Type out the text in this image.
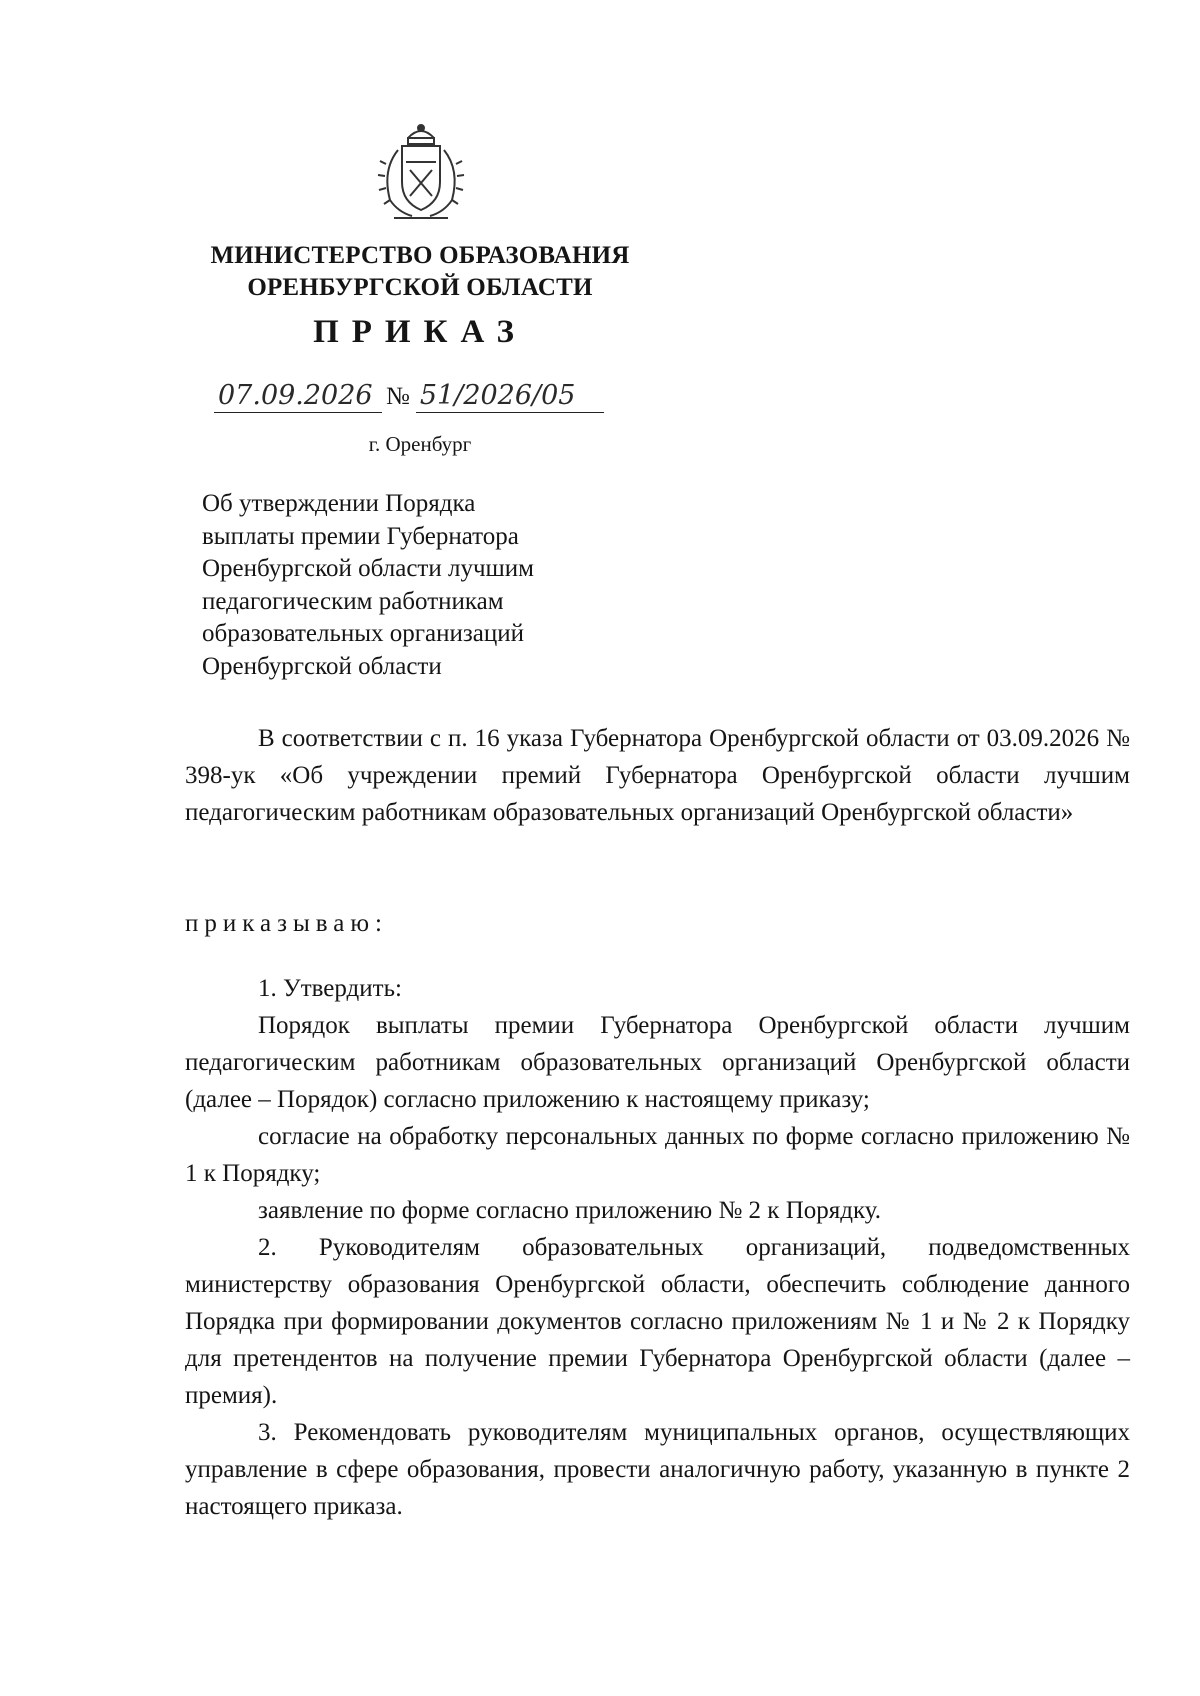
МИНИСТЕРСТВО ОБРАЗОВАНИЯ
ОРЕНБУРГСКОЙ ОБЛАСТИ
ПРИКАЗ
07.09.2026 № 51/2026/05
г. Оренбург
Об утверждении Порядка
выплаты премии Губернатора
Оренбургской области лучшим
педагогическим работникам
образовательных организаций
Оренбургской области

В соответствии с п. 16 указа Губернатора Оренбургской области от 03.09.2026 № 398-ук «Об учреждении премий Губернатора Оренбургской области лучшим педагогическим работникам образовательных организаций Оренбургской области»

приказываю:

1. Утвердить:

Порядок выплаты премии Губернатора Оренбургской области лучшим педагогическим работникам образовательных организаций Оренбургской области (далее – Порядок) согласно приложению к настоящему приказу;

согласие на обработку персональных данных по форме согласно приложению № 1 к Порядку;

заявление по форме согласно приложению № 2 к Порядку.

2. Руководителям образовательных организаций, подведомственных министерству образования Оренбургской области, обеспечить соблюдение данного Порядка при формировании документов согласно приложениям № 1 и № 2 к Порядку для претендентов на получение премии Губернатора Оренбургской области (далее – премия).

3. Рекомендовать руководителям муниципальных органов, осуществляющих управление в сфере образования, провести аналогичную работу, указанную в пункте 2 настоящего приказа.
